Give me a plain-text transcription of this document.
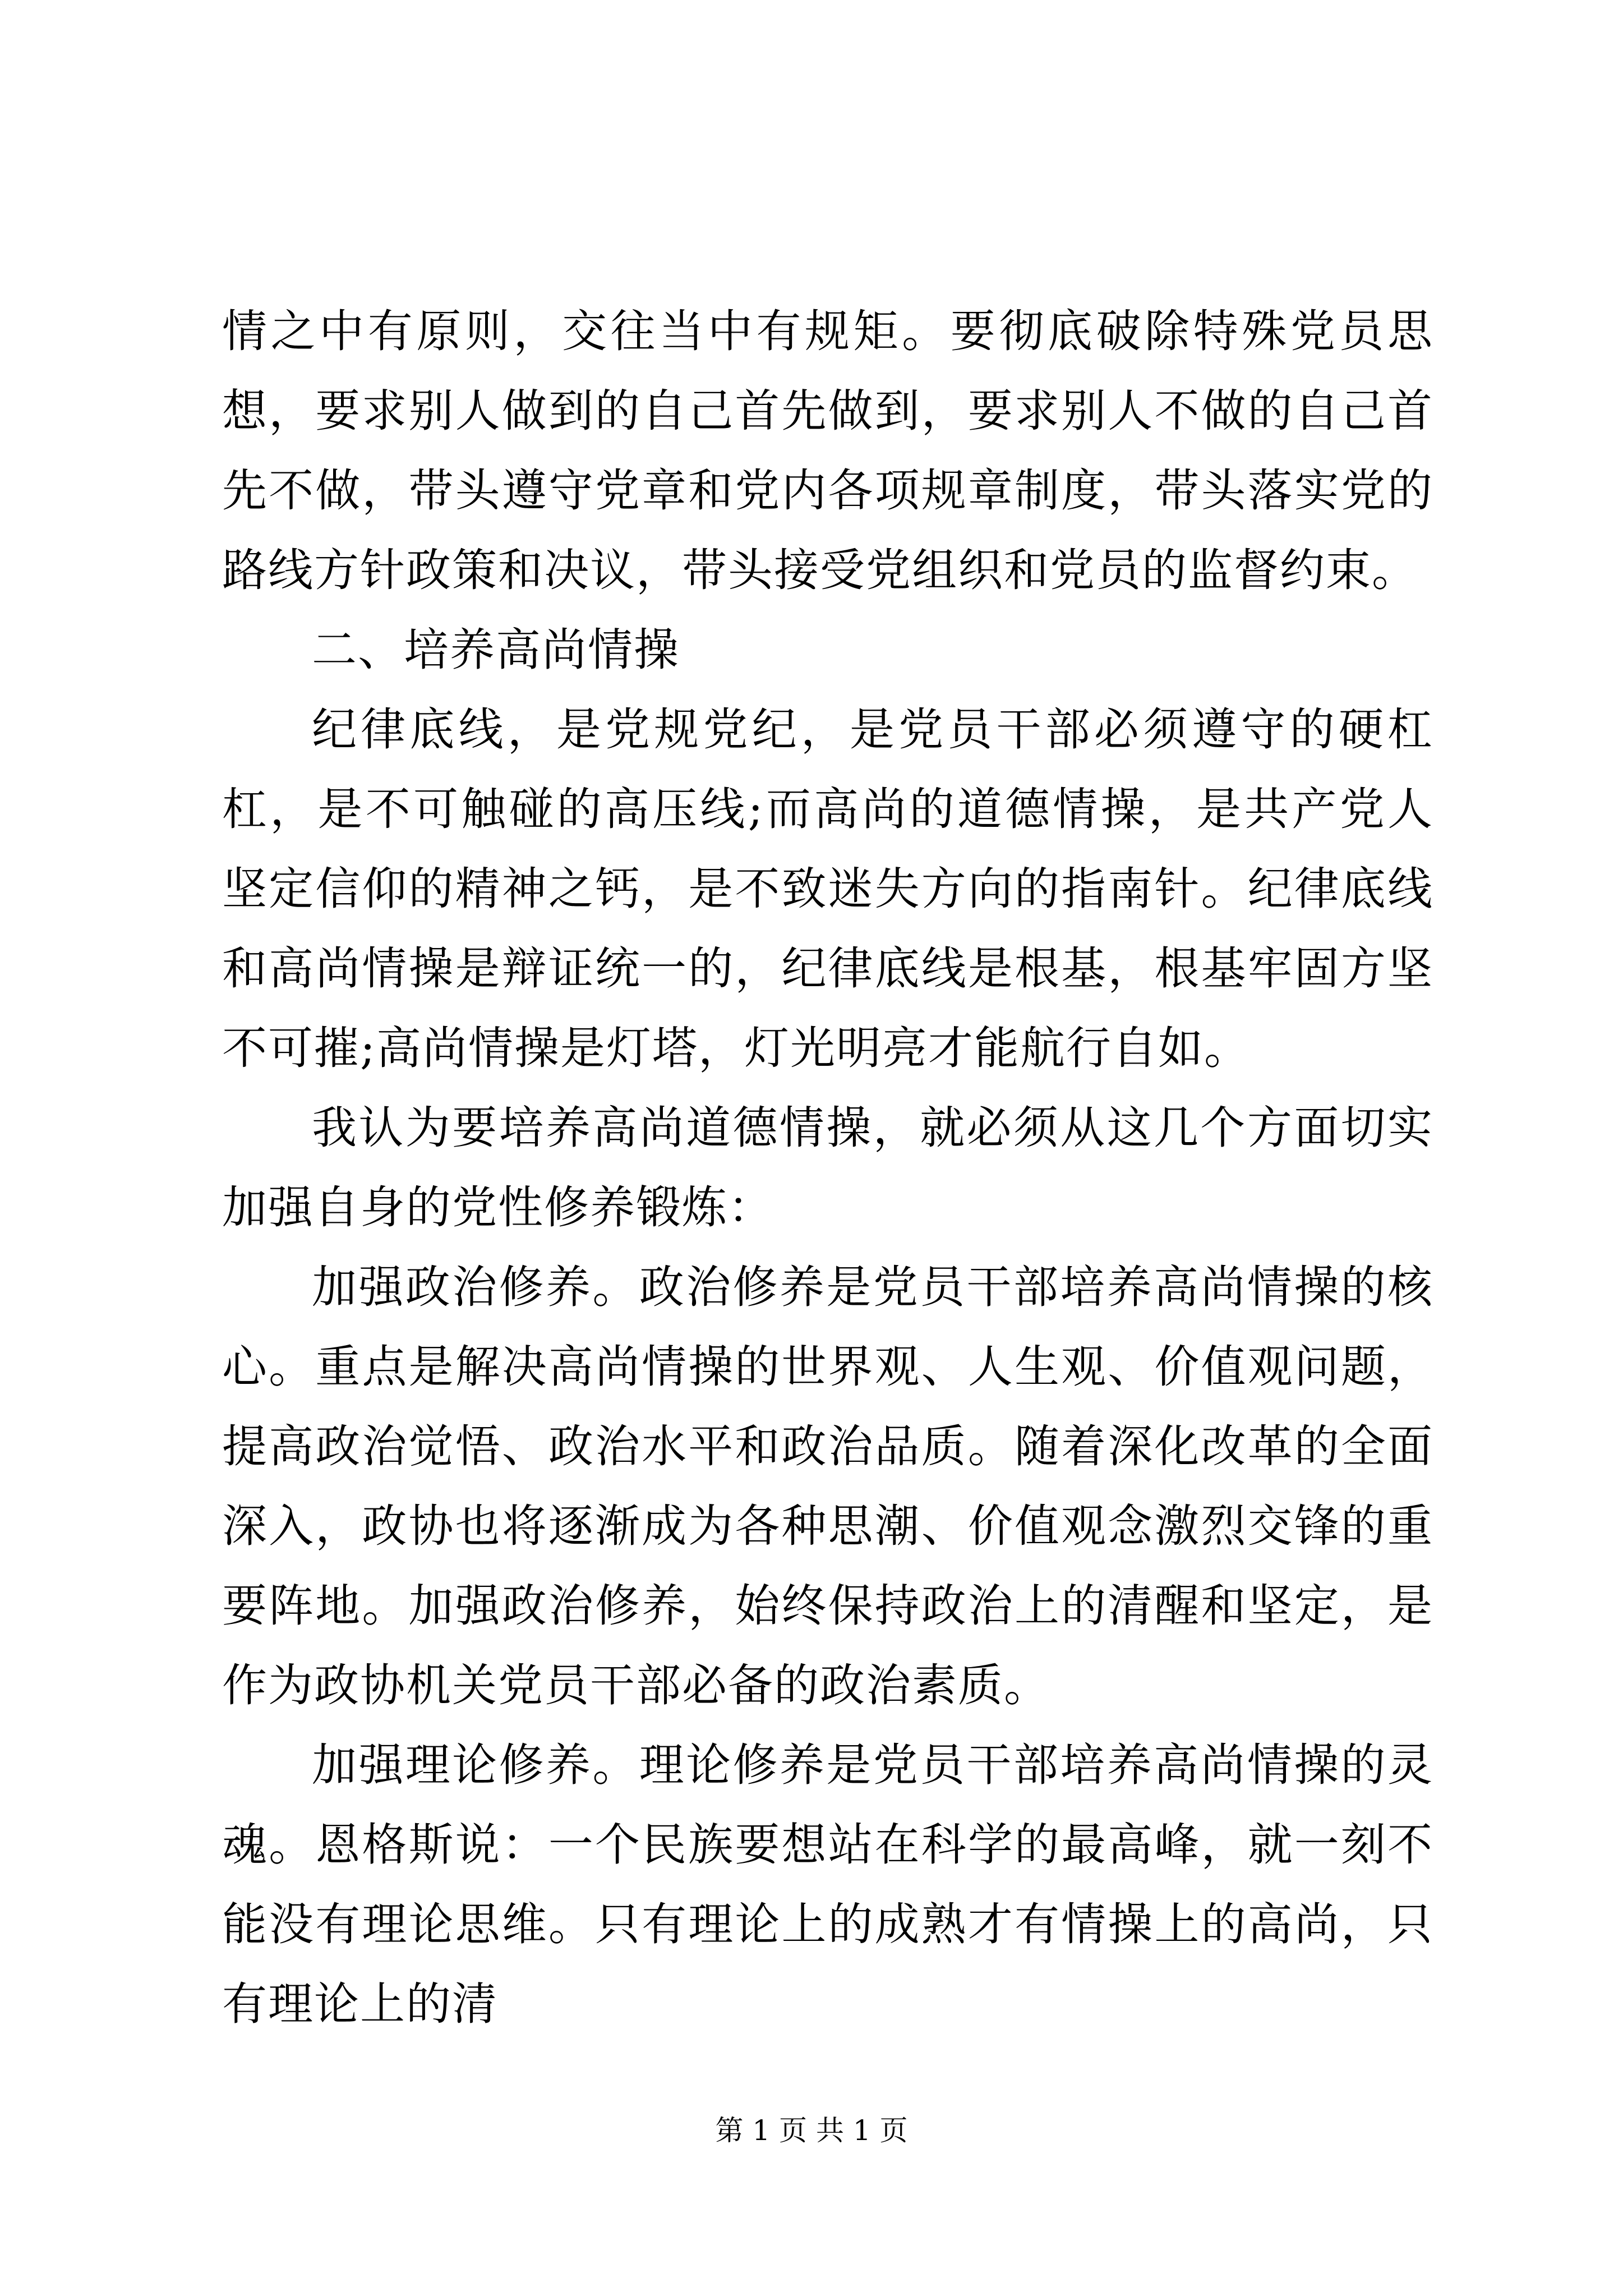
情之中有原则，交往当中有规矩。要彻底破除特殊党员思想，要求别人做到的自己首先做到，要求别人不做的自己首先不做，带头遵守党章和党内各项规章制度，带头落实党的路线方针政策和决议，带头接受党组织和党员的监督约束。

二、培养高尚情操

纪律底线，是党规党纪，是党员干部必须遵守的硬杠杠，是不可触碰的高压线;而高尚的道德情操，是共产党人坚定信仰的精神之钙，是不致迷失方向的指南针。纪律底线和高尚情操是辩证统一的，纪律底线是根基，根基牢固方坚不可摧;高尚情操是灯塔，灯光明亮才能航行自如。

我认为要培养高尚道德情操，就必须从这几个方面切实加强自身的党性修养锻炼：

加强政治修养。政治修养是党员干部培养高尚情操的核心。重点是解决高尚情操的世界观、人生观、价值观问题，提高政治觉悟、政治水平和政治品质。随着深化改革的全面深入，政协也将逐渐成为各种思潮、价值观念激烈交锋的重要阵地。加强政治修养，始终保持政治上的清醒和坚定，是作为政协机关党员干部必备的政治素质。

加强理论修养。理论修养是党员干部培养高尚情操的灵魂。恩格斯说：一个民族要想站在科学的最高峰，就一刻不能没有理论思维。只有理论上的成熟才有情操上的高尚，只有理论上的清

第 1 页 共 1 页
